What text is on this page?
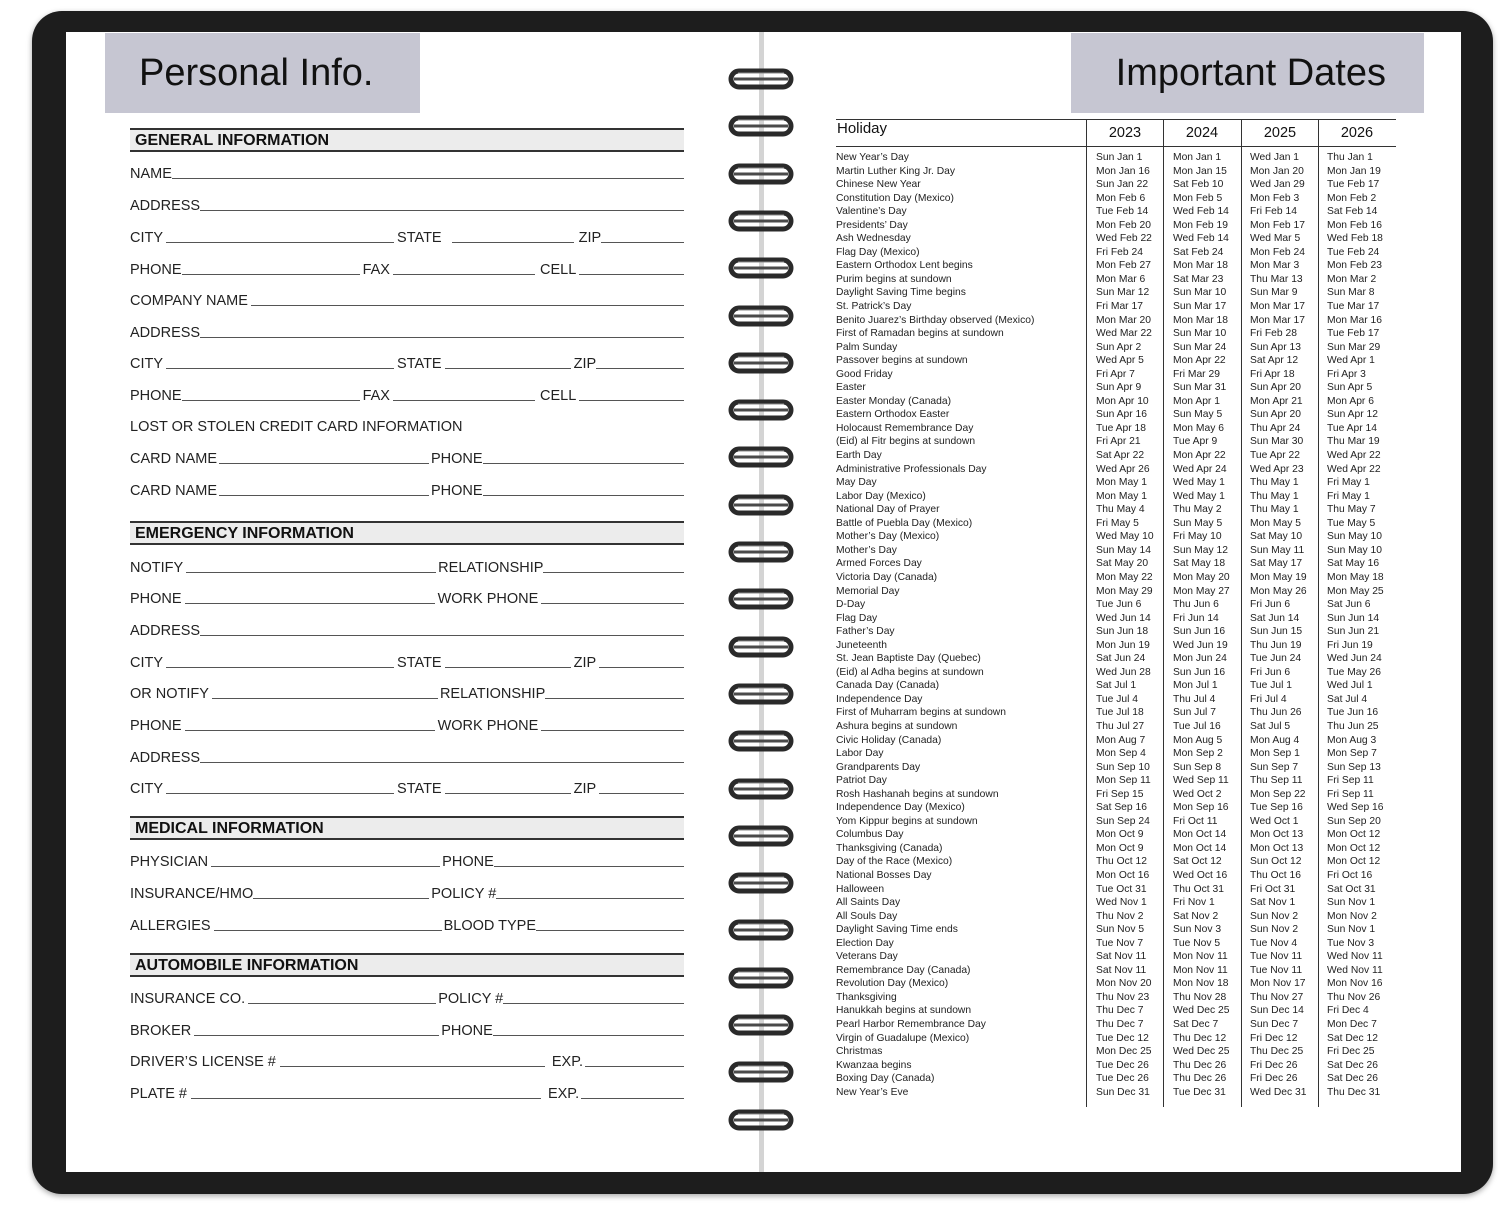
Personal Info.	Important Dates
GENERAL INFORMATION
NAME
ADDRESS
CITY	STATE	ZIP
PHONE	FAX	CELL
COMPANY NAME
ADDRESS
CITY	STATE	ZIP
PHONE	FAX	CELL
LOST OR STOLEN CREDIT CARD INFORMATION
CARD NAME	PHONE
CARD NAME	PHONE
EMERGENCY INFORMATION
NOTIFY	RELATIONSHIP
PHONE	WORK PHONE
ADDRESS
CITY	STATE	ZIP
OR NOTIFY	RELATIONSHIP
PHONE	WORK PHONE
ADDRESS
CITY	STATE	ZIP
MEDICAL INFORMATION
PHYSICIAN	PHONE
INSURANCE/HMO	POLICY #
ALLERGIES	BLOOD TYPE
AUTOMOBILE INFORMATION
INSURANCE CO.	POLICY #
BROKER	PHONE
DRIVER’S LICENSE #	EXP.
PLATE #	EXP.
Holiday	2023	2024	2025	2026
New Year’s Day	Sun Jan 1	Mon Jan 1	Wed Jan 1	Thu Jan 1
Martin Luther King Jr. Day	Mon Jan 16	Mon Jan 15	Mon Jan 20	Mon Jan 19
Chinese New Year	Sun Jan 22	Sat Feb 10	Wed Jan 29	Tue Feb 17
Constitution Day (Mexico)	Mon Feb 6	Mon Feb 5	Mon Feb 3	Mon Feb 2
Valentine’s Day	Tue Feb 14	Wed Feb 14	Fri Feb 14	Sat Feb 14
Presidents’ Day	Mon Feb 20	Mon Feb 19	Mon Feb 17	Mon Feb 16
Ash Wednesday	Wed Feb 22	Wed Feb 14	Wed Mar 5	Wed Feb 18
Flag Day (Mexico)	Fri Feb 24	Sat Feb 24	Mon Feb 24	Tue Feb 24
Eastern Orthodox Lent begins	Mon Feb 27	Mon Mar 18	Mon Mar 3	Mon Feb 23
Purim begins at sundown	Mon Mar 6	Sat Mar 23	Thu Mar 13	Mon Mar 2
Daylight Saving Time begins	Sun Mar 12	Sun Mar 10	Sun Mar 9	Sun Mar 8
St. Patrick’s Day	Fri Mar 17	Sun Mar 17	Mon Mar 17	Tue Mar 17
Benito Juarez’s Birthday observed (Mexico)	Mon Mar 20	Mon Mar 18	Mon Mar 17	Mon Mar 16
First of Ramadan begins at sundown	Wed Mar 22	Sun Mar 10	Fri Feb 28	Tue Feb 17
Palm Sunday	Sun Apr 2	Sun Mar 24	Sun Apr 13	Sun Mar 29
Passover begins at sundown	Wed Apr 5	Mon Apr 22	Sat Apr 12	Wed Apr 1
Good Friday	Fri Apr 7	Fri Mar 29	Fri Apr 18	Fri Apr 3
Easter	Sun Apr 9	Sun Mar 31	Sun Apr 20	Sun Apr 5
Easter Monday (Canada)	Mon Apr 10	Mon Apr 1	Mon Apr 21	Mon Apr 6
Eastern Orthodox Easter	Sun Apr 16	Sun May 5	Sun Apr 20	Sun Apr 12
Holocaust Remembrance Day	Tue Apr 18	Mon May 6	Thu Apr 24	Tue Apr 14
(Eid) al Fitr begins at sundown	Fri Apr 21	Tue Apr 9	Sun Mar 30	Thu Mar 19
Earth Day	Sat Apr 22	Mon Apr 22	Tue Apr 22	Wed Apr 22
Administrative Professionals Day	Wed Apr 26	Wed Apr 24	Wed Apr 23	Wed Apr 22
May Day	Mon May 1	Wed May 1	Thu May 1	Fri May 1
Labor Day (Mexico)	Mon May 1	Wed May 1	Thu May 1	Fri May 1
National Day of Prayer	Thu May 4	Thu May 2	Thu May 1	Thu May 7
Battle of Puebla Day (Mexico)	Fri May 5	Sun May 5	Mon May 5	Tue May 5
Mother’s Day (Mexico)	Wed May 10	Fri May 10	Sat May 10	Sun May 10
Mother’s Day	Sun May 14	Sun May 12	Sun May 11	Sun May 10
Armed Forces Day	Sat May 20	Sat May 18	Sat May 17	Sat May 16
Victoria Day (Canada)	Mon May 22	Mon May 20	Mon May 19	Mon May 18
Memorial Day	Mon May 29	Mon May 27	Mon May 26	Mon May 25
D-Day	Tue Jun 6	Thu Jun 6	Fri Jun 6	Sat Jun 6
Flag Day	Wed Jun 14	Fri Jun 14	Sat Jun 14	Sun Jun 14
Father’s Day	Sun Jun 18	Sun Jun 16	Sun Jun 15	Sun Jun 21
Juneteenth	Mon Jun 19	Wed Jun 19	Thu Jun 19	Fri Jun 19
St. Jean Baptiste Day (Quebec)	Sat Jun 24	Mon Jun 24	Tue Jun 24	Wed Jun 24
(Eid) al Adha begins at sundown	Wed Jun 28	Sun Jun 16	Fri Jun 6	Tue May 26
Canada Day (Canada)	Sat Jul 1	Mon Jul 1	Tue Jul 1	Wed Jul 1
Independence Day	Tue Jul 4	Thu Jul 4	Fri Jul 4	Sat Jul 4
First of Muharram begins at sundown	Tue Jul 18	Sun Jul 7	Thu Jun 26	Tue Jun 16
Ashura begins at sundown	Thu Jul 27	Tue Jul 16	Sat Jul 5	Thu Jun 25
Civic Holiday (Canada)	Mon Aug 7	Mon Aug 5	Mon Aug 4	Mon Aug 3
Labor Day	Mon Sep 4	Mon Sep 2	Mon Sep 1	Mon Sep 7
Grandparents Day	Sun Sep 10	Sun Sep 8	Sun Sep 7	Sun Sep 13
Patriot Day	Mon Sep 11	Wed Sep 11	Thu Sep 11	Fri Sep 11
Rosh Hashanah begins at sundown	Fri Sep 15	Wed Oct 2	Mon Sep 22	Fri Sep 11
Independence Day (Mexico)	Sat Sep 16	Mon Sep 16	Tue Sep 16	Wed Sep 16
Yom Kippur begins at sundown	Sun Sep 24	Fri Oct 11	Wed Oct 1	Sun Sep 20
Columbus Day	Mon Oct 9	Mon Oct 14	Mon Oct 13	Mon Oct 12
Thanksgiving (Canada)	Mon Oct 9	Mon Oct 14	Mon Oct 13	Mon Oct 12
Day of the Race (Mexico)	Thu Oct 12	Sat Oct 12	Sun Oct 12	Mon Oct 12
National Bosses Day	Mon Oct 16	Wed Oct 16	Thu Oct 16	Fri Oct 16
Halloween	Tue Oct 31	Thu Oct 31	Fri Oct 31	Sat Oct 31
All Saints Day	Wed Nov 1	Fri Nov 1	Sat Nov 1	Sun Nov 1
All Souls Day	Thu Nov 2	Sat Nov 2	Sun Nov 2	Mon Nov 2
Daylight Saving Time ends	Sun Nov 5	Sun Nov 3	Sun Nov 2	Sun Nov 1
Election Day	Tue Nov 7	Tue Nov 5	Tue Nov 4	Tue Nov 3
Veterans Day	Sat Nov 11	Mon Nov 11	Tue Nov 11	Wed Nov 11
Remembrance Day (Canada)	Sat Nov 11	Mon Nov 11	Tue Nov 11	Wed Nov 11
Revolution Day (Mexico)	Mon Nov 20	Mon Nov 18	Mon Nov 17	Mon Nov 16
Thanksgiving	Thu Nov 23	Thu Nov 28	Thu Nov 27	Thu Nov 26
Hanukkah begins at sundown	Thu Dec 7	Wed Dec 25	Sun Dec 14	Fri Dec 4
Pearl Harbor Remembrance Day	Thu Dec 7	Sat Dec 7	Sun Dec 7	Mon Dec 7
Virgin of Guadalupe (Mexico)	Tue Dec 12	Thu Dec 12	Fri Dec 12	Sat Dec 12
Christmas	Mon Dec 25	Wed Dec 25	Thu Dec 25	Fri Dec 25
Kwanzaa begins	Tue Dec 26	Thu Dec 26	Fri Dec 26	Sat Dec 26
Boxing Day (Canada)	Tue Dec 26	Thu Dec 26	Fri Dec 26	Sat Dec 26
New Year’s Eve	Sun Dec 31	Tue Dec 31	Wed Dec 31	Thu Dec 31
